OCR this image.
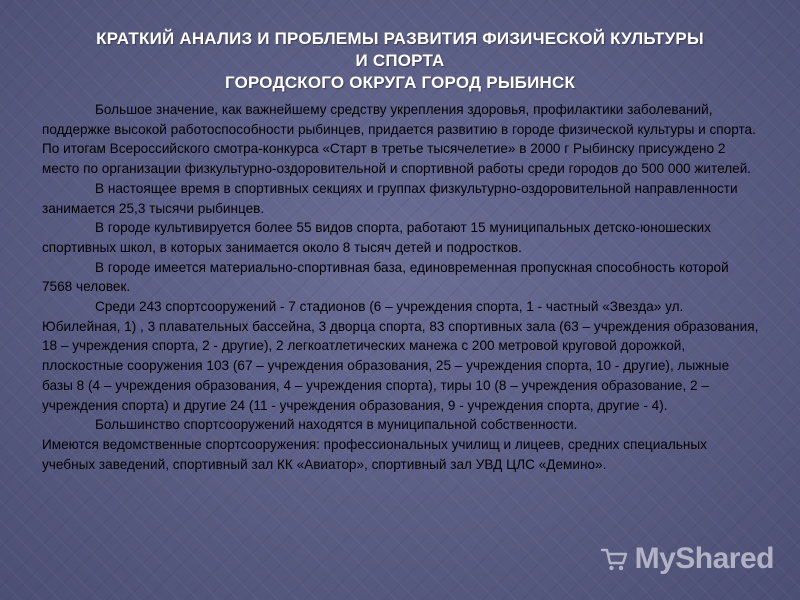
КРАТКИЙ АНАЛИЗ И ПРОБЛЕМЫ РАЗВИТИЯ ФИЗИЧЕСКОЙ КУЛЬТУРЫ
И СПОРТА
ГОРОДСКОГО ОКРУГА ГОРОД РЫБИНСК

Большое значение, как важнейшему средству укрепления здоровья, профилактики заболеваний, поддержке высокой работоспособности рыбинцев, придается развитию в городе физической культуры и спорта. По итогам Всероссийского смотра-конкурса «Старт в третье тысячелетие» в 2000 г Рыбинску присуждено 2 место по организации физкультурно-оздоровительной и спортивной работы среди городов до 500 000 жителей.

В настоящее время в спортивных секциях и группах физкультурно-оздоровительной направленности занимается 25,3 тысячи рыбинцев.

В городе культивируется более 55 видов спорта, работают 15 муниципальных детско-юношеских спортивных школ, в которых занимается около 8 тысяч детей и подростков.

В городе имеется материально-спортивная база, единовременная пропускная способность которой 7568 человек.

Среди 243 спортсооружений - 7 стадионов (6 – учреждения спорта, 1 - частный «Звезда» ул. Юбилейная, 1) , 3 плавательных бассейна, 3 дворца спорта, 83 спортивных зала (63 – учреждения образования, 18 – учреждения спорта, 2 - другие), 2 легкоатлетических манежа с 200 метровой круговой дорожкой, плоскостные сооружения 103 (67 – учреждения образования, 25 – учреждения спорта, 10 - другие), лыжные базы 8 (4 – учреждения образования, 4 – учреждения спорта), тиры 10 (8 – учреждения образование, 2 – учреждения спорта) и другие 24 (11 - учреждения образования, 9 - учреждения спорта, другие - 4).

Большинство спортсооружений находятся в муниципальной собственности.

Имеются ведомственные спортсооружения: профессиональных училищ и лицеев, средних специальных учебных заведений, спортивный зал КК «Авиатор», спортивный зал УВД ЦЛС «Демино».

MyShared
